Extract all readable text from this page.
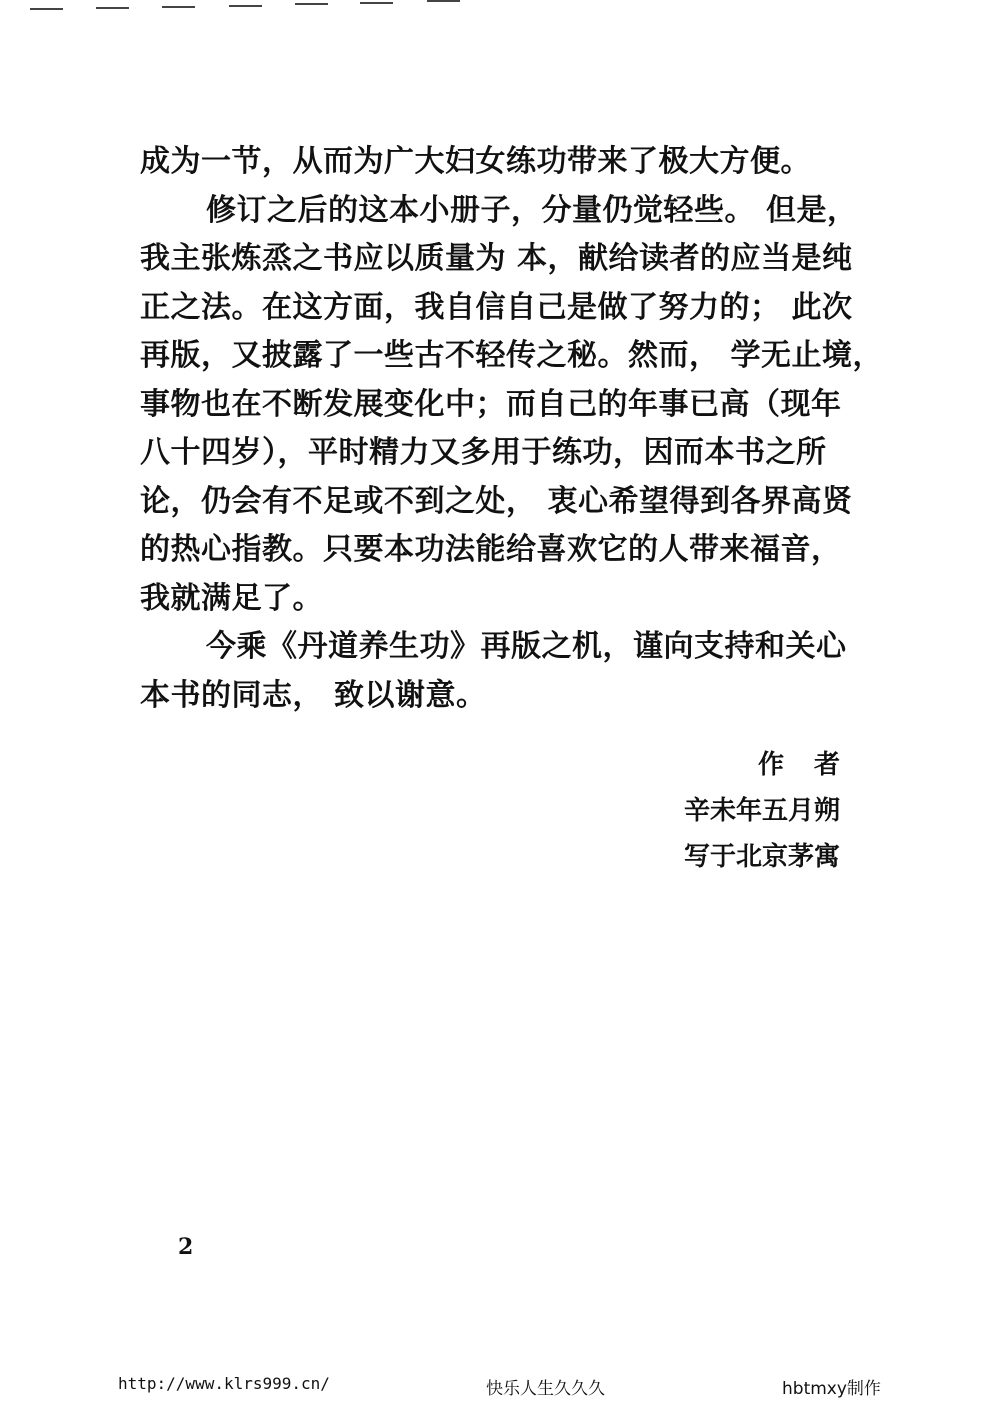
成为一节，从而为广大妇女练功带来了极大方便。
修订之后的这本小册子，分量仍觉轻些。 但是，
我主张炼烝之书应以质量为 本，献给读者的应当是纯
正之法。在这方面，我自信自己是做了努力的； 此次
再版，又披露了一些古不轻传之秘。然而， 学无止境，
事物也在不断发展变化中；而自己的年事已高（现年
八十四岁），平时精力又多用于练功，因而本书之所
论，仍会有不足或不到之处， 衷心希望得到各界高贤
的热心指教。只要本功法能给喜欢它的人带来福音，
我就满足了。
今乘《丹道养生功》再版之机，谨向支持和关心
本书的同志， 致以谢意。
作者
辛未年五月朔
写于北京茅寓
2
http://www.klrs999.cn/	快乐人生久久久	hbtmxy制作
